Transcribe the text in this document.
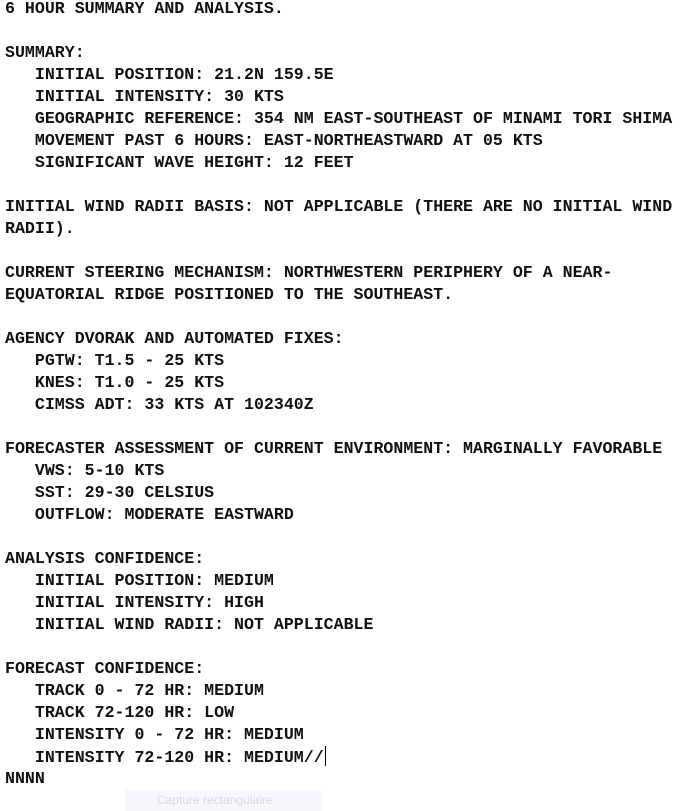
6 HOUR SUMMARY AND ANALYSIS.
SUMMARY:
INITIAL POSITION: 21.2N 159.5E
INITIAL INTENSITY: 30 KTS
GEOGRAPHIC REFERENCE: 354 NM EAST-SOUTHEAST OF MINAMI TORI SHIMA
MOVEMENT PAST 6 HOURS: EAST-NORTHEASTWARD AT 05 KTS
SIGNIFICANT WAVE HEIGHT: 12 FEET
INITIAL WIND RADII BASIS: NOT APPLICABLE (THERE ARE NO INITIAL WIND
RADII).
CURRENT STEERING MECHANISM: NORTHWESTERN PERIPHERY OF A NEAR-
EQUATORIAL RIDGE POSITIONED TO THE SOUTHEAST.
AGENCY DVORAK AND AUTOMATED FIXES:
PGTW: T1.5 - 25 KTS
KNES: T1.0 - 25 KTS
CIMSS ADT: 33 KTS AT 102340Z
FORECASTER ASSESSMENT OF CURRENT ENVIRONMENT: MARGINALLY FAVORABLE
VWS: 5-10 KTS
SST: 29-30 CELSIUS
OUTFLOW: MODERATE EASTWARD
ANALYSIS CONFIDENCE:
INITIAL POSITION: MEDIUM
INITIAL INTENSITY: HIGH
INITIAL WIND RADII: NOT APPLICABLE
FORECAST CONFIDENCE:
TRACK 0 - 72 HR: MEDIUM
TRACK 72-120 HR: LOW
INTENSITY 0 - 72 HR: MEDIUM
INTENSITY 72-120 HR: MEDIUM//
NNNN
Capture rectangulaire
